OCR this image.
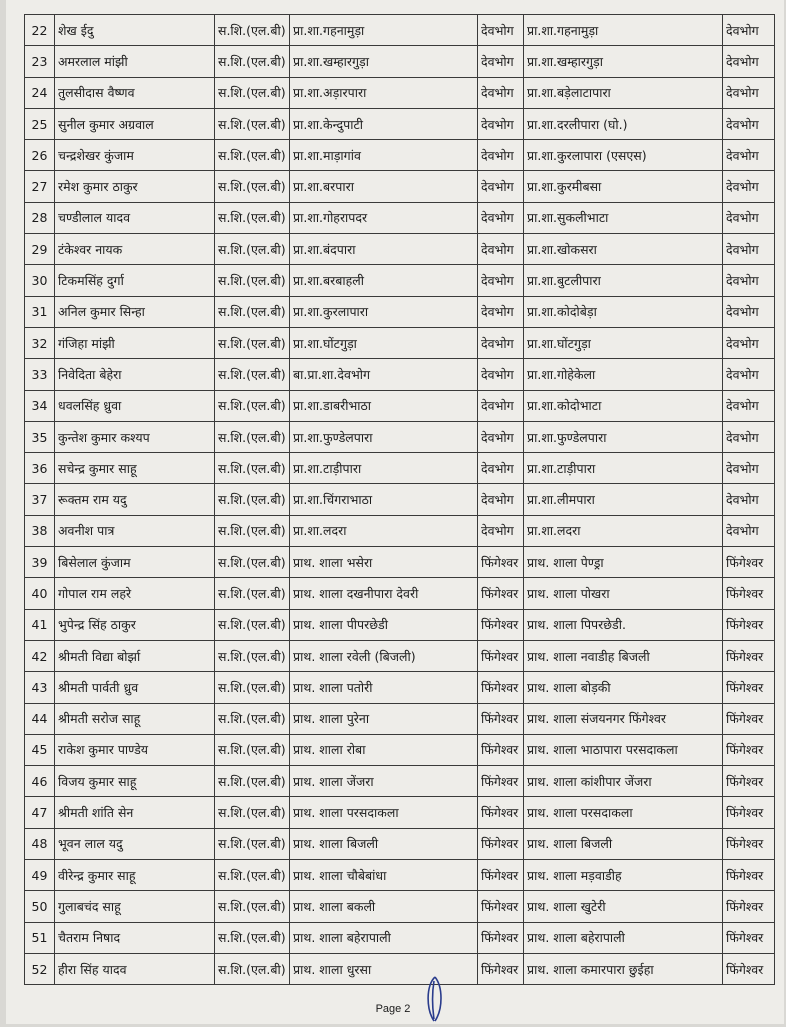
22	शेख ईदु	स.शि.(एल.बी)	प्रा.शा.गहनामुड़ा	देवभोग	प्रा.शा.गहनामुड़ा	देवभोग
23	अमरलाल मांझी	स.शि.(एल.बी)	प्रा.शा.खम्हारगुड़ा	देवभोग	प्रा.शा.खम्हारगुड़ा	देवभोग
24	तुलसीदास वैष्णव	स.शि.(एल.बी)	प्रा.शा.अड़ारपारा	देवभोग	प्रा.शा.बड़ेलाटापारा	देवभोग
25	सुनील कुमार अग्रवाल	स.शि.(एल.बी)	प्रा.शा.केन्दुपाटी	देवभोग	प्रा.शा.दरलीपारा (घो.)	देवभोग
26	चन्द्रशेखर कुंजाम	स.शि.(एल.बी)	प्रा.शा.माड़ागांव	देवभोग	प्रा.शा.कुरलापारा (एसएस)	देवभोग
27	रमेश कुमार ठाकुर	स.शि.(एल.बी)	प्रा.शा.बरपारा	देवभोग	प्रा.शा.कुरमीबसा	देवभोग
28	चण्डीलाल यादव	स.शि.(एल.बी)	प्रा.शा.गोहरापदर	देवभोग	प्रा.शा.सुकलीभाटा	देवभोग
29	टंकेश्वर नायक	स.शि.(एल.बी)	प्रा.शा.बंदपारा	देवभोग	प्रा.शा.खोकसरा	देवभोग
30	टिकमसिंह दुर्गा	स.शि.(एल.बी)	प्रा.शा.बरबाहली	देवभोग	प्रा.शा.बुटलीपारा	देवभोग
31	अनिल कुमार सिन्हा	स.शि.(एल.बी)	प्रा.शा.कुरलापारा	देवभोग	प्रा.शा.कोदोबेड़ा	देवभोग
32	गंजिहा मांझी	स.शि.(एल.बी)	प्रा.शा.घोंटगुड़ा	देवभोग	प्रा.शा.घोंटगुड़ा	देवभोग
33	निवेदिता बेहेरा	स.शि.(एल.बी)	बा.प्रा.शा.देवभोग	देवभोग	प्रा.शा.गोहेकेला	देवभोग
34	धवलसिंह ध्रुवा	स.शि.(एल.बी)	प्रा.शा.डाबरीभाठा	देवभोग	प्रा.शा.कोदोभाटा	देवभोग
35	कुन्तेश कुमार कश्यप	स.शि.(एल.बी)	प्रा.शा.फुण्डेलपारा	देवभोग	प्रा.शा.फुण्डेलपारा	देवभोग
36	सचेन्द्र कुमार साहू	स.शि.(एल.बी)	प्रा.शा.टाड़ीपारा	देवभोग	प्रा.शा.टाड़ीपारा	देवभोग
37	रूक्तम राम यदु	स.शि.(एल.बी)	प्रा.शा.चिंगराभाठा	देवभोग	प्रा.शा.लीमपारा	देवभोग
38	अवनीश पात्र	स.शि.(एल.बी)	प्रा.शा.लदरा	देवभोग	प्रा.शा.लदरा	देवभोग
39	बिसेलाल कुंजाम	स.शि.(एल.बी)	प्राथ. शाला भसेरा	फिंगेश्वर	प्राथ. शाला पेण्ड्रा	फिंगेश्वर
40	गोपाल राम लहरे	स.शि.(एल.बी)	प्राथ. शाला दखनीपारा देवरी	फिंगेश्वर	प्राथ. शाला पोखरा	फिंगेश्वर
41	भुपेन्द्र सिंह ठाकुर	स.शि.(एल.बी)	प्राथ. शाला पीपरछेडी	फिंगेश्वर	प्राथ. शाला पिपरछेडी.	फिंगेश्वर
42	श्रीमती विद्या बोर्झा	स.शि.(एल.बी)	प्राथ. शाला रवेली (बिजली)	फिंगेश्वर	प्राथ. शाला नवाडीह बिजली	फिंगेश्वर
43	श्रीमती पार्वती ध्रुव	स.शि.(एल.बी)	प्राथ. शाला पतोरी	फिंगेश्वर	प्राथ. शाला बोड़की	फिंगेश्वर
44	श्रीमती सरोज साहू	स.शि.(एल.बी)	प्राथ. शाला पुरेना	फिंगेश्वर	प्राथ. शाला संजयनगर फिंगेश्वर	फिंगेश्वर
45	राकेश कुमार पाण्डेय	स.शि.(एल.बी)	प्राथ. शाला रोबा	फिंगेश्वर	प्राथ. शाला भाठापारा परसदाकला	फिंगेश्वर
46	विजय कुमार साहू	स.शि.(एल.बी)	प्राथ. शाला जेंजरा	फिंगेश्वर	प्राथ. शाला कांशीपार जेंजरा	फिंगेश्वर
47	श्रीमती शांति सेन	स.शि.(एल.बी)	प्राथ. शाला परसदाकला	फिंगेश्वर	प्राथ. शाला परसदाकला	फिंगेश्वर
48	भूवन लाल यदु	स.शि.(एल.बी)	प्राथ. शाला बिजली	फिंगेश्वर	प्राथ. शाला बिजली	फिंगेश्वर
49	वीरेन्द्र कुमार साहू	स.शि.(एल.बी)	प्राथ. शाला चौबेबांधा	फिंगेश्वर	प्राथ. शाला मड़वाडीह	फिंगेश्वर
50	गुलाबचंद साहू	स.शि.(एल.बी)	प्राथ. शाला बकली	फिंगेश्वर	प्राथ. शाला खुटेरी	फिंगेश्वर
51	चैतराम निषाद	स.शि.(एल.बी)	प्राथ. शाला बहेरापाली	फिंगेश्वर	प्राथ. शाला बहेरापाली	फिंगेश्वर
52	हीरा सिंह यादव	स.शि.(एल.बी)	प्राथ. शाला धुरसा	फिंगेश्वर	प्राथ. शाला कमारपारा छुईहा	फिंगेश्वर
Page 2
